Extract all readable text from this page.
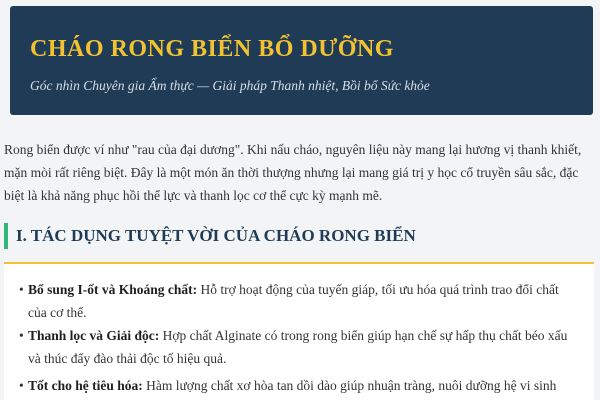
CHÁO RONG BIỂN BỔ DƯỠNG
Góc nhìn Chuyên gia Ẩm thực — Giải pháp Thanh nhiệt, Bồi bổ Sức khỏe

Rong biển được ví như "rau của đại dương". Khi nấu cháo, nguyên liệu này mang lại hương vị thanh khiết, mặn mòi rất riêng biệt. Đây là một món ăn thời thượng nhưng lại mang giá trị y học cổ truyền sâu sắc, đặc biệt là khả năng phục hồi thể lực và thanh lọc cơ thể cực kỳ mạnh mẽ.

I. TÁC DỤNG TUYỆT VỜI CỦA CHÁO RONG BIỂN
• Bổ sung I-ốt và Khoáng chất: Hỗ trợ hoạt động của tuyến giáp, tối ưu hóa quá trình trao đổi chất của cơ thể.
• Thanh lọc và Giải độc: Hợp chất Alginate có trong rong biển giúp hạn chế sự hấp thụ chất béo xấu và thúc đẩy đào thải độc tố hiệu quả.
• Tốt cho hệ tiêu hóa: Hàm lượng chất xơ hòa tan dồi dào giúp nhuận tràng, nuôi dưỡng hệ vi sinh
